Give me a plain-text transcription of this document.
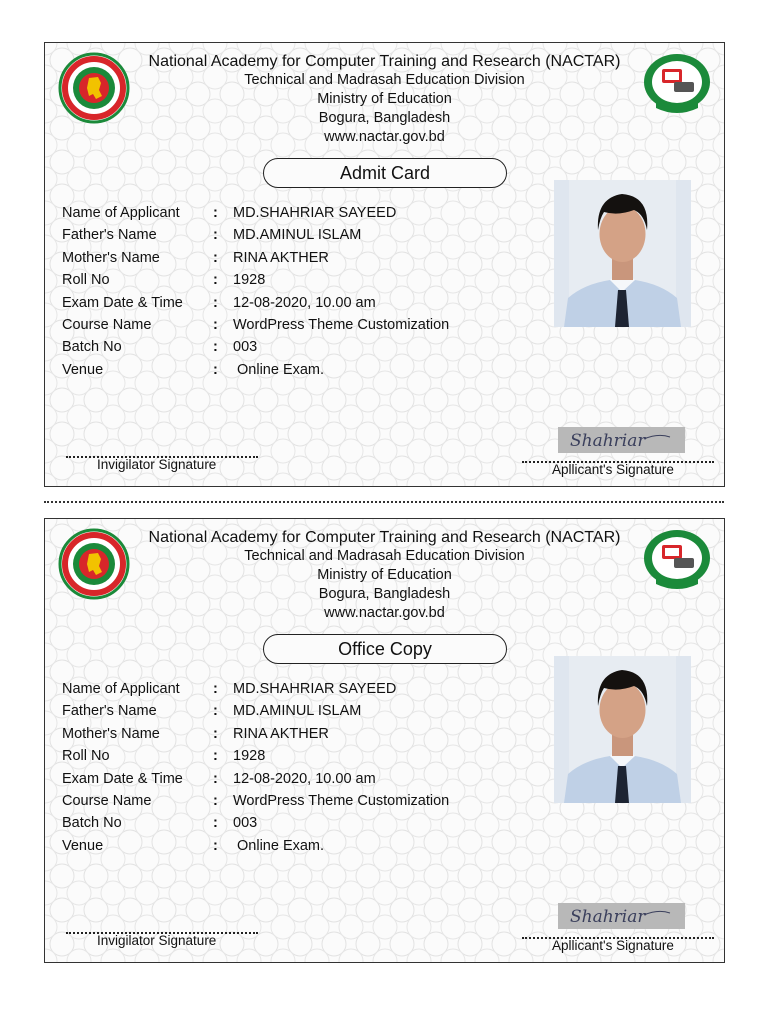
National Academy for Computer Training and Research (NACTAR)
Technical and Madrasah Education Division
Ministry of Education
Bogura, Bangladesh
www.nactar.gov.bd
Admit Card
Name of Applicant : MD.SHAHRIAR SAYEED
Father's Name	: MD.AMINUL ISLAM
Mother's Name	: RINA AKTHER
Roll No	: 1928
Exam Date & Time : 12-08-2020, 10.00 am
Course Name	: WordPress Theme Customization
Batch No	: 003
Venue	: Online Exam.
Shahriar
Invigilator Signature	Apllicant's Signature
National Academy for Computer Training and Research (NACTAR)
Technical and Madrasah Education Division
Ministry of Education
Bogura, Bangladesh
www.nactar.gov.bd
Office Copy
Name of Applicant : MD.SHAHRIAR SAYEED
Father's Name	: MD.AMINUL ISLAM
Mother's Name	: RINA AKTHER
Roll No	: 1928
Exam Date & Time : 12-08-2020, 10.00 am
Course Name	: WordPress Theme Customization
Batch No	: 003
Venue	: Online Exam.
Shahriar
Invigilator Signature	Apllicant's Signature
